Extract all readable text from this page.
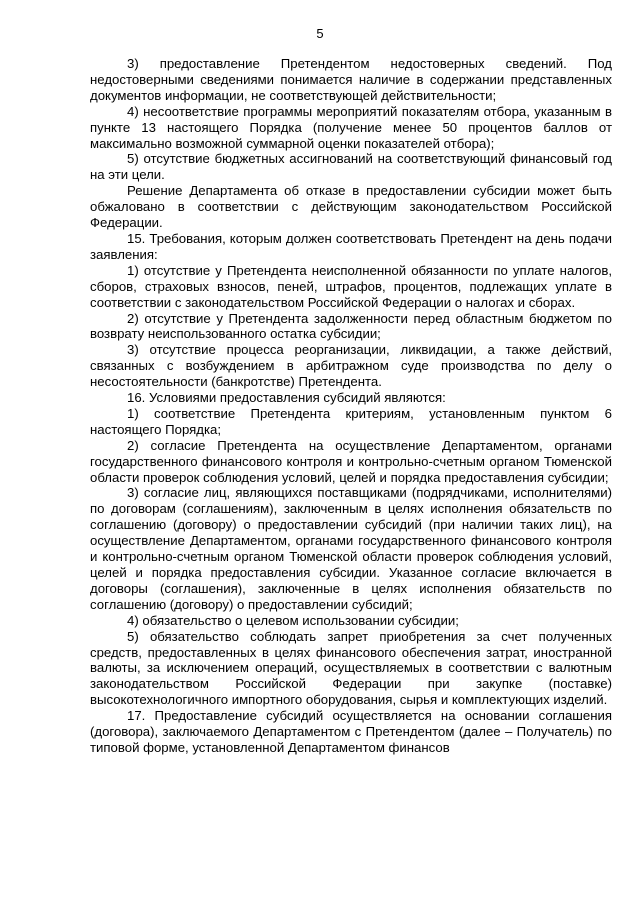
5

3) предоставление Претендентом недостоверных сведений. Под недостоверными сведениями понимается наличие в содержании представленных документов информации, не соответствующей действительности;

4) несоответствие программы мероприятий показателям отбора, указанным в пункте 13 настоящего Порядка (получение менее 50 процентов баллов от максимально возможной суммарной оценки показателей отбора);

5) отсутствие бюджетных ассигнований на соответствующий финансовый год на эти цели.

Решение Департамента об отказе в предоставлении субсидии может быть обжаловано в соответствии с действующим законодательством Российской Федерации.

15. Требования, которым должен соответствовать Претендент на день подачи заявления:

1) отсутствие у Претендента неисполненной обязанности по уплате налогов, сборов, страховых взносов, пеней, штрафов, процентов, подлежащих уплате в соответствии с законодательством Российской Федерации о налогах и сборах.

2) отсутствие у Претендента задолженности перед областным бюджетом по возврату неиспользованного остатка субсидии;

3) отсутствие процесса реорганизации, ликвидации, а также действий, связанных с возбуждением в арбитражном суде производства по делу о несостоятельности (банкротстве) Претендента.

16. Условиями предоставления субсидий являются:

1) соответствие Претендента критериям, установленным пунктом 6 настоящего Порядка;

2) согласие Претендента на осуществление Департаментом, органами государственного финансового контроля и контрольно-счетным органом Тюменской области проверок соблюдения условий, целей и порядка предоставления субсидии;

3) согласие лиц, являющихся поставщиками (подрядчиками, исполнителями) по договорам (соглашениям), заключенным в целях исполнения обязательств по соглашению (договору) о предоставлении субсидий (при наличии таких лиц), на осуществление Департаментом, органами государственного финансового контроля и контрольно-счетным органом Тюменской области проверок соблюдения условий, целей и порядка предоставления субсидии. Указанное согласие включается в договоры (соглашения), заключенные в целях исполнения обязательств по соглашению (договору) о предоставлении субсидий;

4) обязательство о целевом использовании субсидии;

5) обязательство соблюдать запрет приобретения за счет полученных средств, предоставленных в целях финансового обеспечения затрат, иностранной валюты, за исключением операций, осуществляемых в соответствии с валютным законодательством Российской Федерации при закупке (поставке) высокотехнологичного импортного оборудования, сырья и комплектующих изделий.

17. Предоставление субсидий осуществляется на основании соглашения (договора), заключаемого Департаментом с Претендентом (далее – Получатель) по типовой форме, установленной Департаментом финансов
